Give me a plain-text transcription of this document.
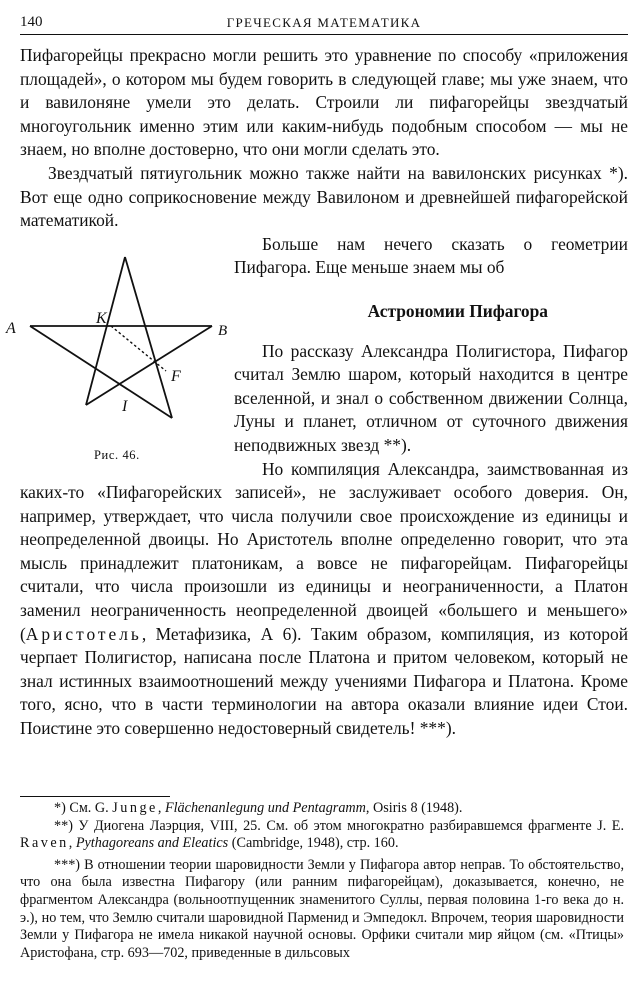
140	ГРЕЧЕСКАЯ МАТЕМАТИКА

Пифагорейцы прекрасно могли решить это уравнение по способу «приложения площадей», о котором мы будем говорить в следующей главе; мы уже знаем, что и вавилоняне умели это делать. Строили ли пифагорейцы звездчатый многоугольник именно этим или каким-нибудь подобным способом — мы не знаем, но вполне достоверно, что они могли сделать это.

Звездчатый пятиугольник можно также найти на вавилонских рисунках *). Вот еще одно соприкосновение между Вавилоном и древнейшей пифагорейской математикой.

A
K
B
F
I
Рис. 46.

Больше нам нечего сказать о геометрии Пифагора. Еще меньше знаем мы об

Астрономии Пифагора

По рассказу Александра Полигистора, Пифагор считал Землю шаром, который находится в центре вселенной, и знал о собственном движении Солнца, Луны и планет, отличном от суточного движения неподвижных звезд **).

Но компиляция Александра, заимствованная из каких-то «Пифагорейских записей», не заслуживает особого доверия. Он, например, утверждает, что числа получили свое происхождение из единицы и неопределенной двоицы. Но Аристотель вполне определенно говорит, что эта мысль принадлежит платоникам, а вовсе не пифагорейцам. Пифагорейцы считали, что числа произошли из единицы и неограниченности, а Платон заменил неограниченность неопределенной двоицей «большего и меньшего» (Аристотель, Метафизика, А 6). Таким образом, компиляция, из которой черпает Полигистор, написана после Платона и притом человеком, который не знал истинных взаимоотношений между учениями Пифагора и Платона. Кроме того, ясно, что в части терминологии на автора оказали влияние идеи Стои. Поистине это совершенно недостоверный свидетель! ***).

*) См. G. Junge, Flächenanlegung und Pentagramm, Osiris 8 (1948).

**) У Диогена Лаэрция, VIII, 25. См. об этом многократно разбиравшемся фрагменте J. E. Raven, Pythagoreans and Eleatics (Cambridge, 1948), стр. 160.

***) В отношении теории шаровидности Земли у Пифагора автор неправ. То обстоятельство, что она была известна Пифагору (или ранним пифагорейцам), доказывается, конечно, не фрагментом Александра (вольноотпущенник знаменитого Суллы, первая половина 1-го века до н. э.), но тем, что Землю считали шаровидной Парменид и Эмпедокл. Впрочем, теория шаровидности Земли у Пифагора не имела никакой научной основы. Орфики считали мир яйцом (см. «Птицы» Аристофана, стр. 693—702, приведенные в дильсовых
